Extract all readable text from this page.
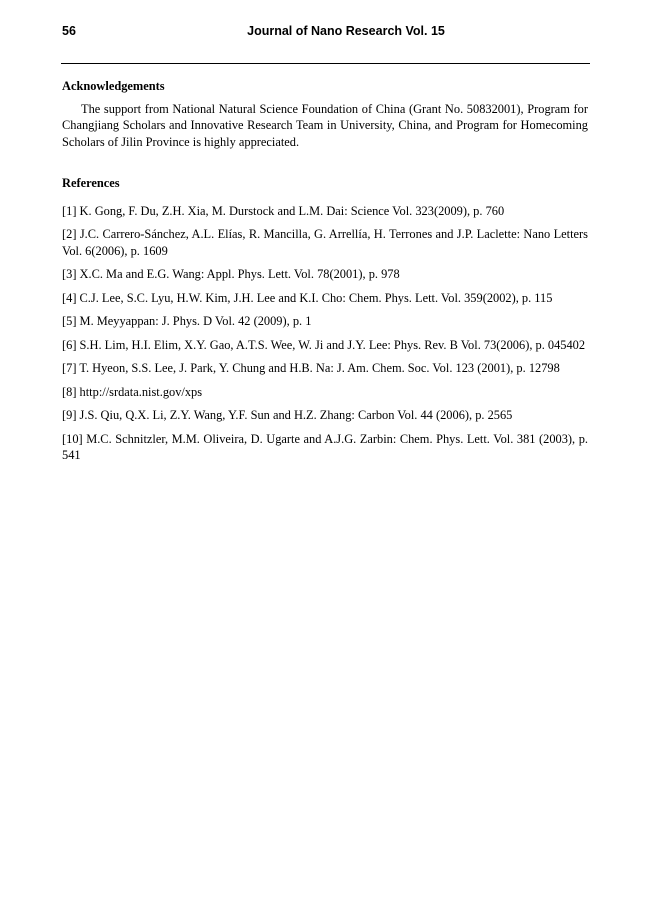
56	Journal of Nano Research Vol. 15

Acknowledgements

The support from National Natural Science Foundation of China (Grant No. 50832001), Program for Changjiang Scholars and Innovative Research Team in University, China, and Program for Homecoming Scholars of Jilin Province is highly appreciated.

References

[1] K. Gong, F. Du, Z.H. Xia, M. Durstock and L.M. Dai: Science Vol. 323(2009), p. 760
[2] J.C. Carrero-Sánchez, A.L. Elías, R. Mancilla, G. Arrellía, H. Terrones and J.P. Laclette: Nano Letters Vol. 6(2006), p. 1609
[3] X.C. Ma and E.G. Wang: Appl. Phys. Lett. Vol. 78(2001), p. 978
[4] C.J. Lee, S.C. Lyu, H.W. Kim, J.H. Lee and K.I. Cho: Chem. Phys. Lett. Vol. 359(2002), p. 115
[5] M. Meyyappan: J. Phys. D Vol. 42 (2009), p. 1
[6] S.H. Lim, H.I. Elim, X.Y. Gao, A.T.S. Wee, W. Ji and J.Y. Lee: Phys. Rev. B Vol. 73(2006), p. 045402
[7] T. Hyeon, S.S. Lee, J. Park, Y. Chung and H.B. Na: J. Am. Chem. Soc. Vol. 123 (2001), p. 12798
[8] http://srdata.nist.gov/xps
[9] J.S. Qiu, Q.X. Li, Z.Y. Wang, Y.F. Sun and H.Z. Zhang: Carbon Vol. 44 (2006), p. 2565
[10] M.C. Schnitzler, M.M. Oliveira, D. Ugarte and A.J.G. Zarbin: Chem. Phys. Lett. Vol. 381 (2003), p. 541
